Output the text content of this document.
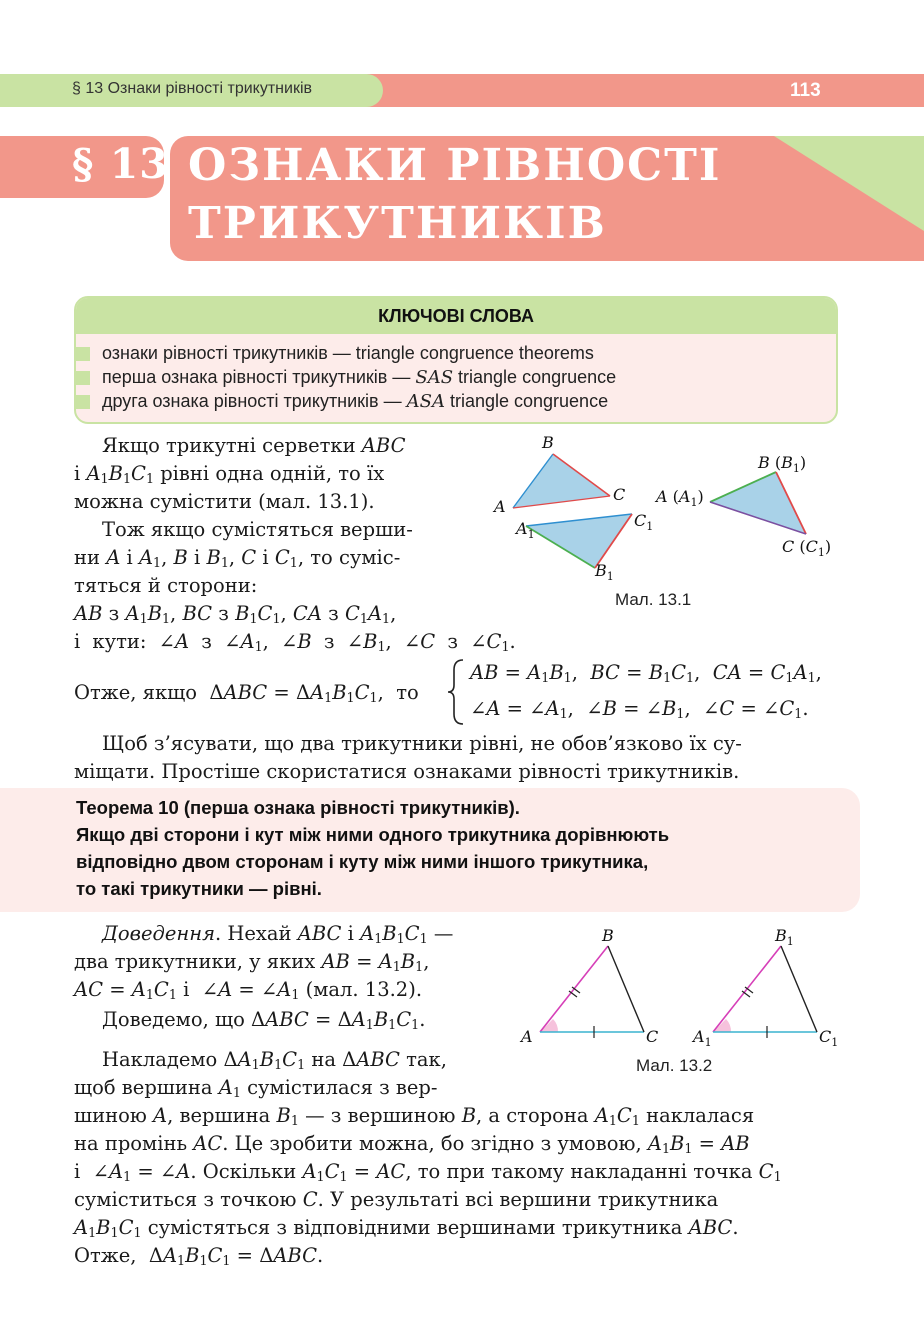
§ 13 Ознаки рівності трикутників	113
§ 13 ОЗНАКИ РІВНОСТІ
ТРИКУТНИКІВ
КЛЮЧОВІ СЛОВА
ознаки рівності трикутників — triangle congruence theorems
перша ознака рівності трикутників — SAS triangle congruence
друга ознака рівності трикутників — ASA triangle congruence
Якщо трикутні серветки ABC
і $A_1B_1C_1$ рівні одна одній, то їх
можна сумістити (мал. 13.1).
Тож якщо сумістяться верши-
ни A і $A_1$, B і $B_1$, C і $C_1$, то суміс-
тяться й сторони:
AB з $A_1B_1$, BC з $B_1C_1$, CA з $C_1A_1$,
і кути: ∠A з $\angle A_1$, ∠B з $\angle B_1$, ∠C з $\angle C_1$.
Отже, якщо  $\Delta ABC = \Delta A_1B_1C_1$,  то
AB = $A_1B_1$,  BC = $B_1C_1$,  CA = $C_1A_1$,
∠A = $\angle A_1$,  ∠B = $\angle B_1$,  ∠C = $\angle C_1$.
Щоб з’ясувати, що два трикутники рівні, не обов’язково їх су-
міщати. Простіше скористатися ознаками рівності трикутників.
B
A
C
$A_1$
$C_1$
$B_1$
B $(B_1)$
A $(A_1)$
C $(C_1)$
Мал. 13.1
Теорема 10 (перша ознака рівності трикутників).
Якщо дві сторони і кут між ними одного трикутника дорівнюють
відповідно двом сторонам і куту між ними іншого трикутника,
то такі трикутники — рівні.
Доведення. Нехай ABC і $A_1B_1C_1$ —
два трикутники, у яких AB = $A_1B_1$,
AC = $A_1C_1$ і  ∠A = $\angle A_1$ (мал. 13.2).
Доведемо, що $\Delta ABC = \Delta A_1B_1C_1$.
B
A	C
$B_1$
$A_1$	$C_1$
Мал. 13.2
Накладемо $\Delta A_1B_1C_1$ на ΔABC так,
щоб вершина $A_1$ сумістилася з вер-
шиною A, вершина $B_1$ — з вершиною B, а сторона $A_1C_1$ наклалася
на промінь AC. Це зробити можна, бо згідно з умовою, $A_1B_1$ = AB
і  $\angle A_1$ = ∠A. Оскільки $A_1C_1$ = AC, то при такому накладанні точка $C_1$
суміститься з точкою C. У результаті всі вершини трикутника
$A_1B_1C_1$ сумістяться з відповідними вершинами трикутника ABC.
Отже,  $\Delta A_1B_1C_1 = \Delta ABC$.
